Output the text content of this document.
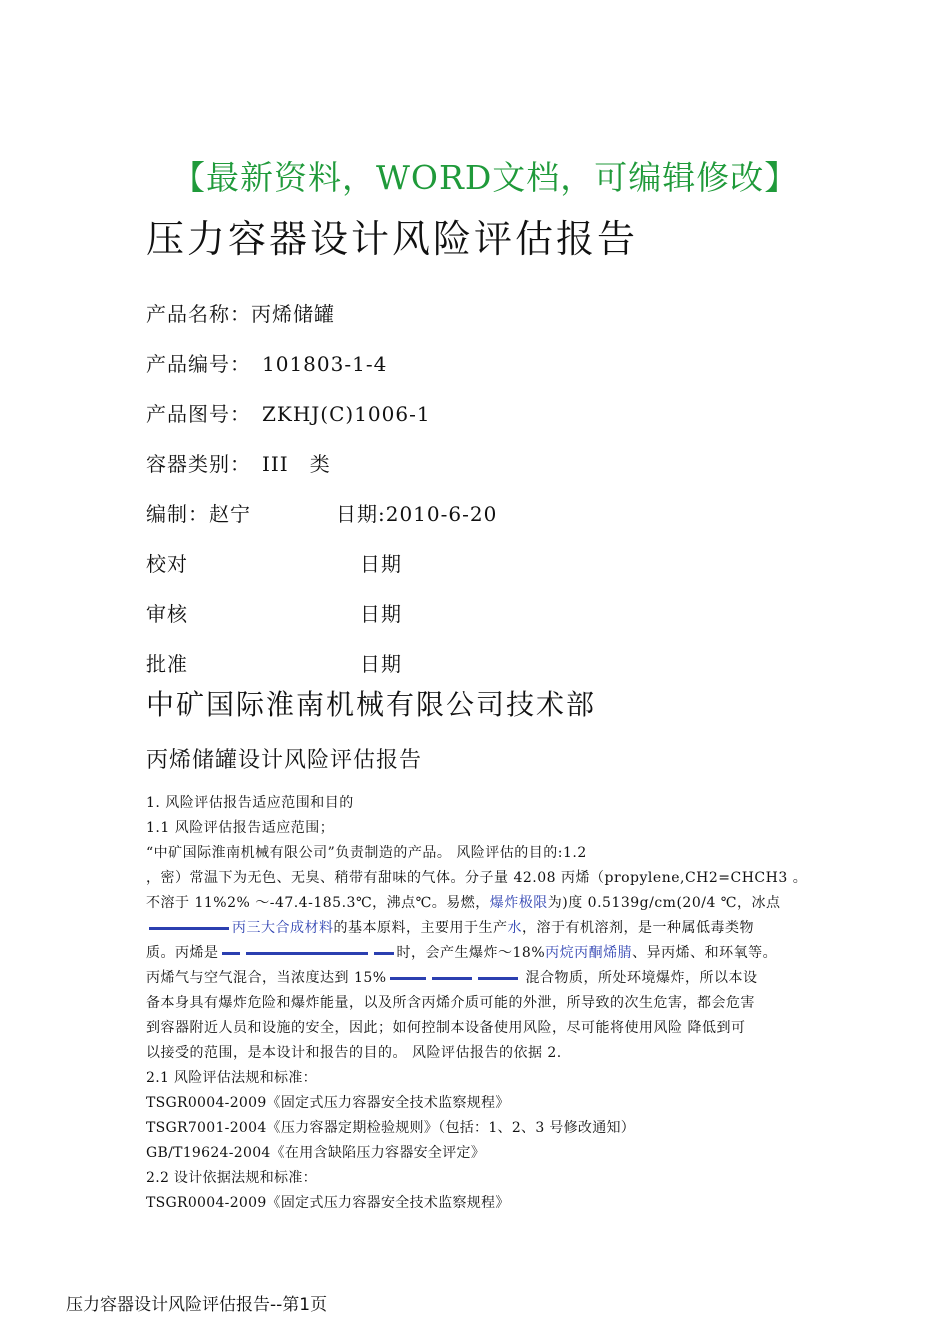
【最新资料，WORD文档，可编辑修改】
压力容器设计风险评估报告
产品名称：丙烯储罐
产品编号：　101803-1-4
产品图号：　ZKHJ(C)1006-1
容器类别：　III　类
编制：赵宁	日期:2010-6-20
校对	日期
审核	日期
批准	日期
中矿国际淮南机械有限公司技术部
丙烯储罐设计风险评估报告
1. 风险评估报告适应范围和目的
1.1 风险评估报告适应范围；
“中矿国际淮南机械有限公司”负责制造的产品。 风险评估的目的:1.2
，密）常温下为无色、无臭、稍带有甜味的气体。分子量 42.08 丙烯（propylene,CH2=CHCH3 。
不溶于 11%2% ～-47.4-185.3℃，沸点℃。易燃，爆炸极限为)度 0.5139g/cm(20/4 ℃，冰点
丙三大合成材料的基本原料，主要用于生产水，溶于有机溶剂，是一种属低毒类物
质。丙烯是	时，会产生爆炸～18%丙烷丙酮烯腈、异丙烯、和环氧等。
丙烯气与空气混合，当浓度达到 15%	混合物质，所处环境爆炸，所以本设
备本身具有爆炸危险和爆炸能量，以及所含丙烯介质可能的外泄，所导致的次生危害，都会危害
到容器附近人员和设施的安全，因此；如何控制本设备使用风险，尽可能将使用风险 降低到可
以接受的范围，是本设计和报告的目的。 风险评估报告的依据 2.
2.1 风险评估法规和标准：
TSGR0004-2009《固定式压力容器安全技术监察规程》
TSGR7001-2004《压力容器定期检验规则》（包括：1、2、3 号修改通知）
GB/T19624-2004《在用含缺陷压力容器安全评定》
2.2 设计依据法规和标准：
TSGR0004-2009《固定式压力容器安全技术监察规程》
压力容器设计风险评估报告--第1页
